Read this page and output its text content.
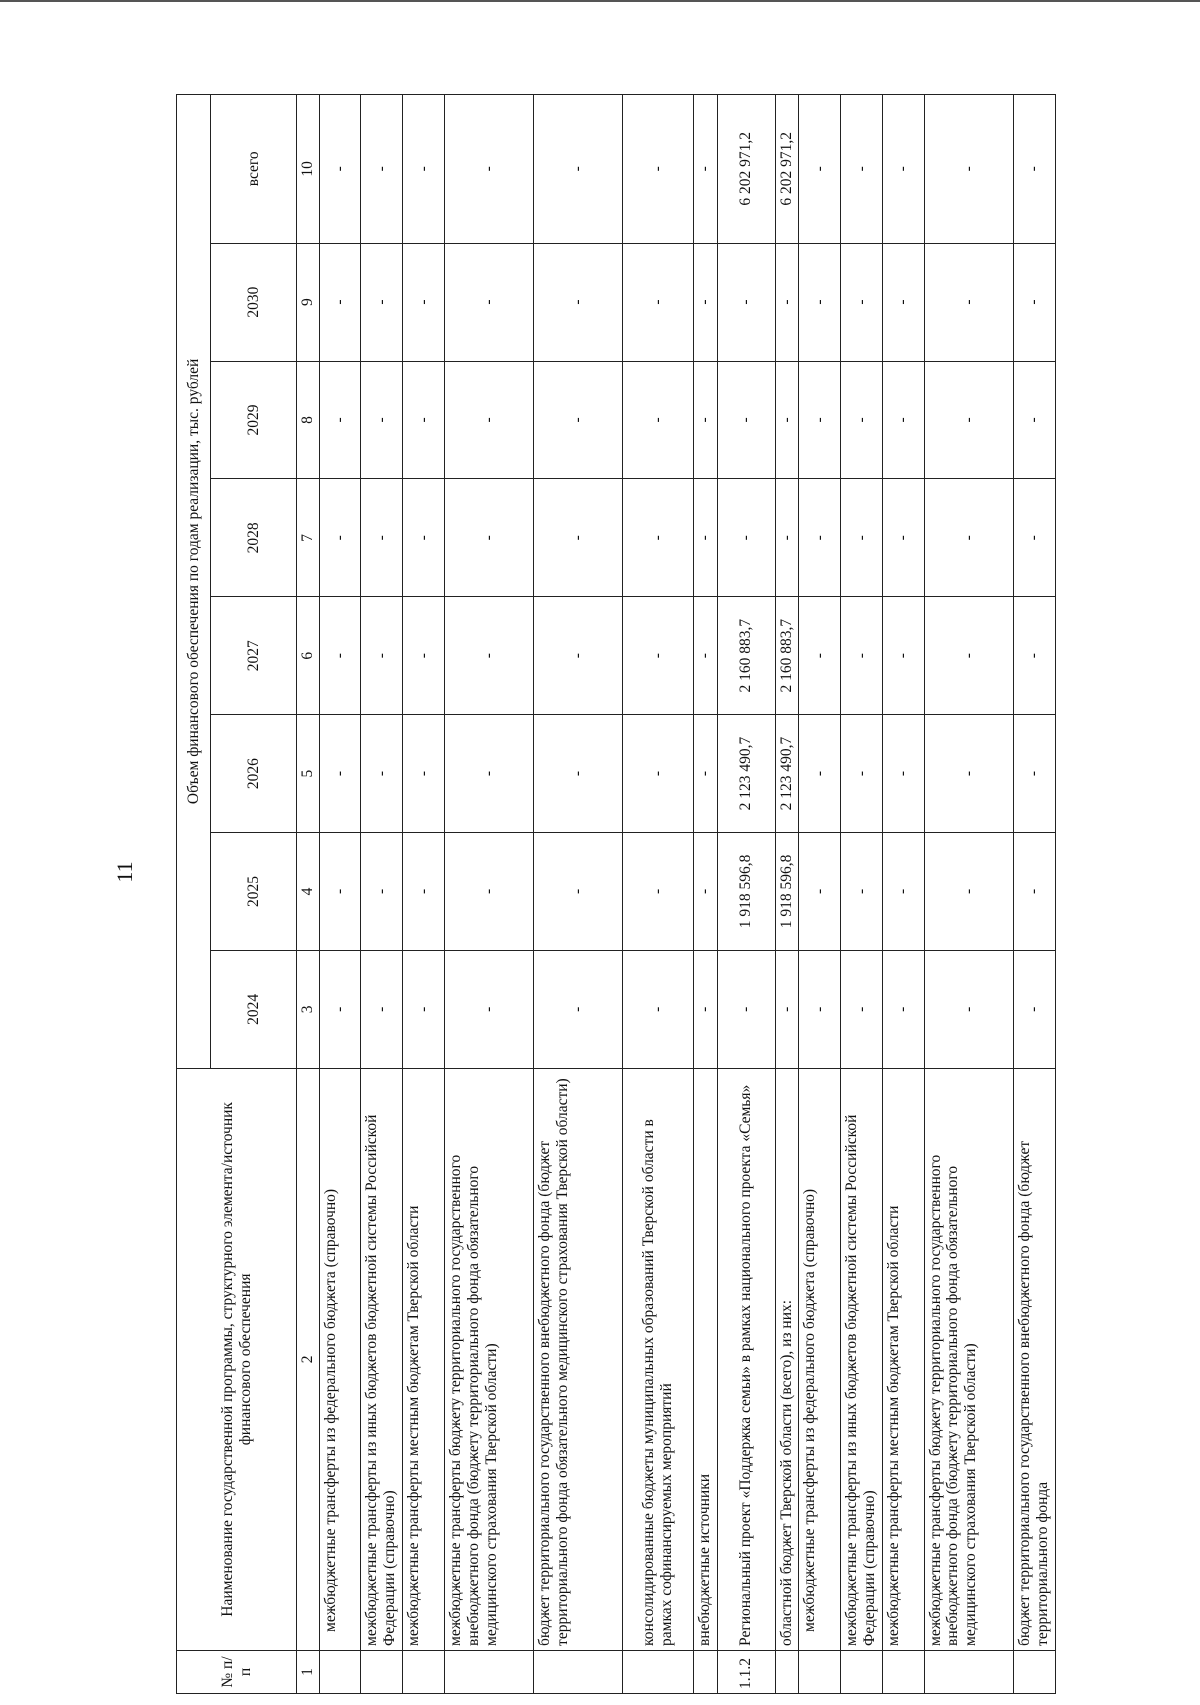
11
№ п/п	Наименование государственной программы, структурного элемента/источник финансового обеспечения	Объем финансового обеспечения по годам реализации, тыс. рублей							
		2024	2025	2026	2027	2028	2029	2030	всего
1	2	3	4	5	6	7	8	9	10
	межбюджетные трансферты из федерального бюджета (справочно)	-	-	-	-	-	-	-	-
	межбюджетные трансферты из иных бюджетов бюджетной системы Российской Федерации (справочно)	-	-	-	-	-	-	-	-
	межбюджетные трансферты местным бюджетам Тверской области	-	-	-	-	-	-	-	-
	межбюджетные трансферты бюджету территориального государственного внебюджетного фонда (бюджету территориального фонда обязательного медицинского страхования Тверской области)	-	-	-	-	-	-	-	-
	бюджет территориального государственного внебюджетного фонда (бюджет территориального фонда обязательного медицинского страхования Тверской области)	-	-	-	-	-	-	-	-
	консолидированные бюджеты муниципальных образований Тверской области в рамках софинансируемых мероприятий	-	-	-	-	-	-	-	-
	внебюджетные источники	-	-	-	-	-	-	-	-
1.1.2	Региональный проект «Поддержка семьи» в рамках национального проекта «Семья»	-	1 918 596,8	2 123 490,7	2 160 883,7	-	-	-	6 202 971,2
	областной бюджет Тверской области (всего), из них:	-	1 918 596,8	2 123 490,7	2 160 883,7	-	-	-	6 202 971,2
	межбюджетные трансферты из федерального бюджета (справочно)	-	-	-	-	-	-	-	-
	межбюджетные трансферты из иных бюджетов бюджетной системы Российской Федерации (справочно)	-	-	-	-	-	-	-	-
	межбюджетные трансферты местным бюджетам Тверской области	-	-	-	-	-	-	-	-
	межбюджетные трансферты бюджету территориального государственного внебюджетного фонда (бюджету территориального фонда обязательного медицинского страхования Тверской области)	-	-	-	-	-	-	-	-
	бюджет территориального государственного внебюджетного фонда (бюджет территориального фонда	-	-	-	-	-	-	-	-
